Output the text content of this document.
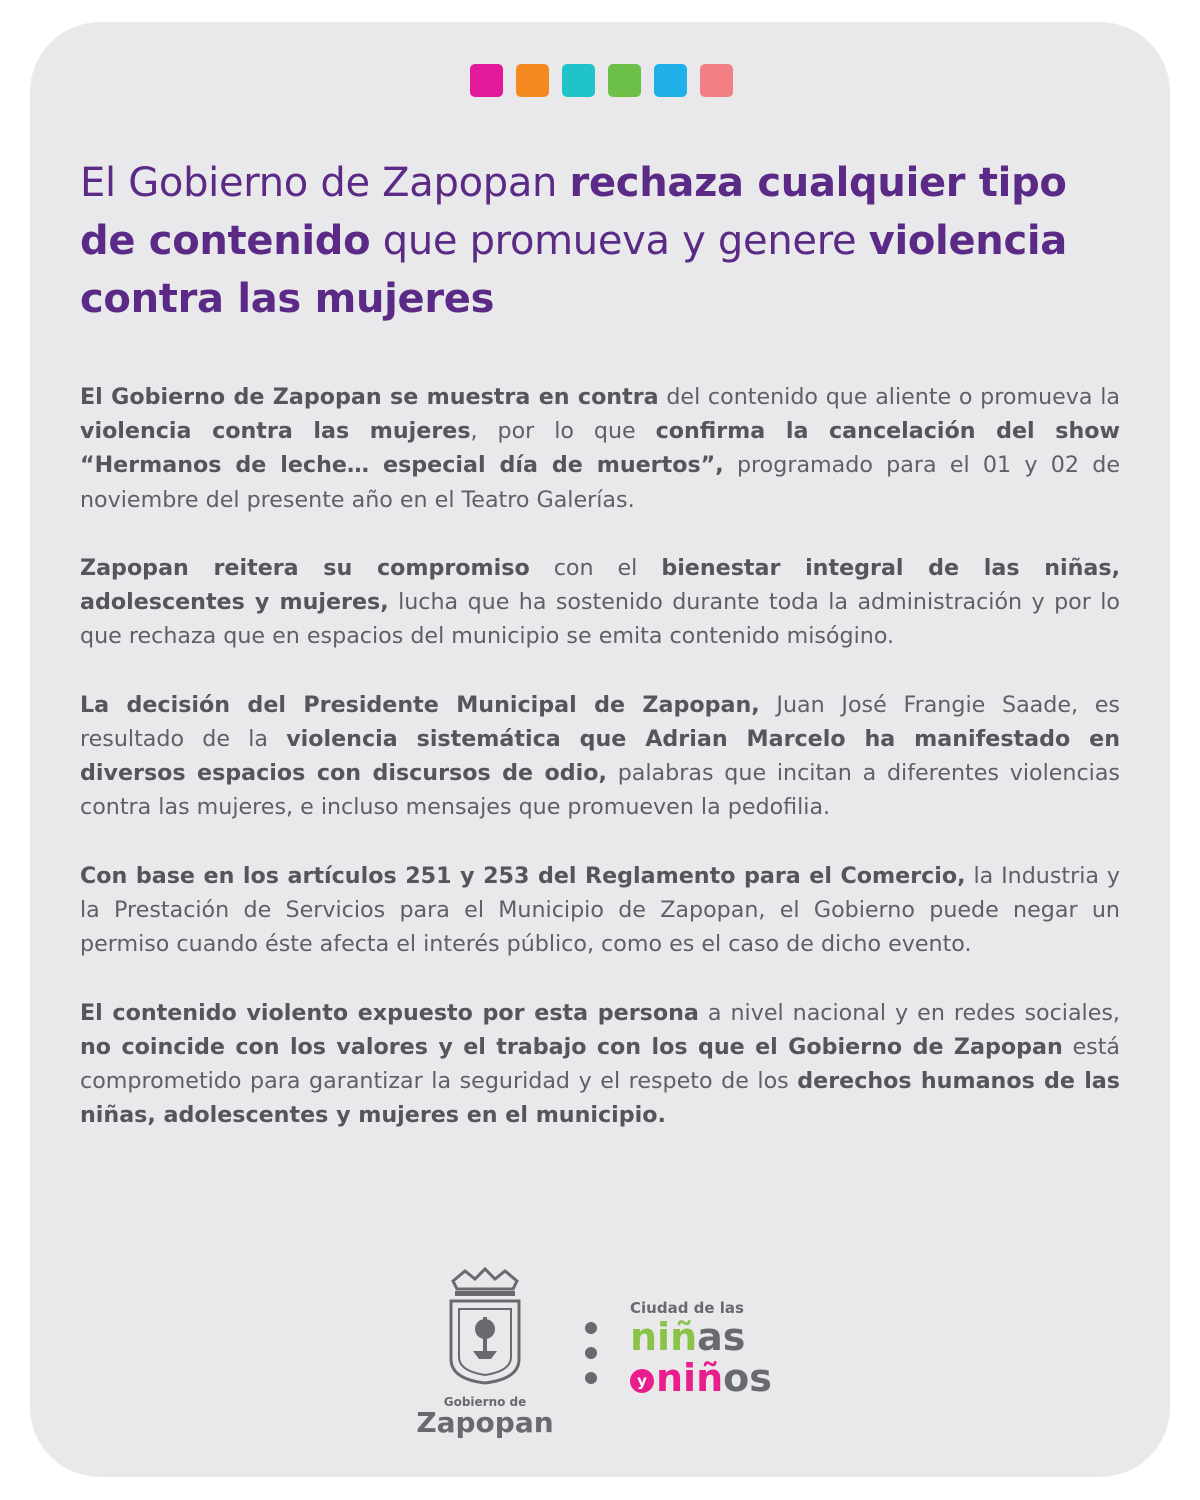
El Gobierno de Zapopan rechaza cualquier tipo de contenido que promueva y genere violencia contra las mujeres

El Gobierno de Zapopan se muestra en contra del contenido que aliente o promueva la violencia contra las mujeres, por lo que confirma la cancelación del show “Hermanos de leche… especial día de muertos”, programado para el 01 y 02 de noviembre del presente año en el Teatro Galerías.

Zapopan reitera su compromiso con el bienestar integral de las niñas, adolescentes y mujeres, lucha que ha sostenido durante toda la administración y por lo que rechaza que en espacios del municipio se emita contenido misógino.

La decisión del Presidente Municipal de Zapopan, Juan José Frangie Saade, es resultado de la violencia sistemática que Adrian Marcelo ha manifestado en diversos espacios con discursos de odio, palabras que incitan a diferentes violencias contra las mujeres, e incluso mensajes que promueven la pedofilia.

Con base en los artículos 251 y 253 del Reglamento para el Comercio, la Industria y la Prestación de Servicios para el Municipio de Zapopan, el Gobierno puede negar un permiso cuando éste afecta el interés público, como es el caso de dicho evento.

El contenido violento expuesto por esta persona a nivel nacional y en redes sociales, no coincide con los valores y el trabajo con los que el Gobierno de Zapopan está comprometido para garantizar la seguridad y el respeto de los derechos humanos de las niñas, adolescentes y mujeres en el municipio.

Gobierno de
Zapopan
Ciudad de las
niñas
y niños
